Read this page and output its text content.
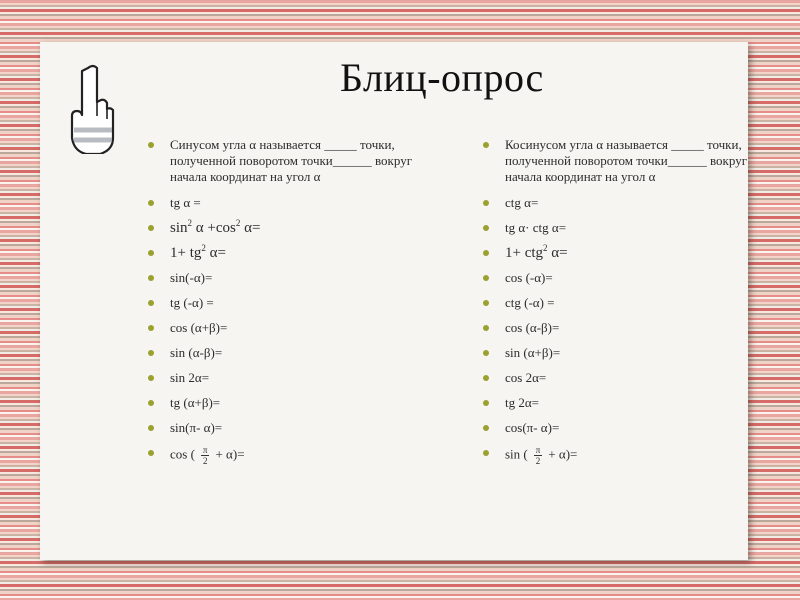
Блиц-опрос
Синусом угла α называется _____ точки, полученной поворотом точки______ вокруг начала координат на угол α
tg α =
$\sin^2 \alpha +\cos^2$ α=
$1+ tg^2$ α=
sin(-α)=
tg (-α) =
cos (α+β)=
sin (α-β)=
sin 2α=
tg (α+β)=
sin(π- α)=
cos ( $\frac{\pi}{2} + \alpha)=$
Косинусом угла α называется _____ точки, полученной поворотом точки______ вокруг начала координат на угол α
ctg α=
tg α· ctg α=
1+ ctg$^2$ α=
cos (-α)=
ctg (-α) =
cos (α-β)=
sin (α+β)=
cos 2α=
tg 2α=
cos(π- α)=
sin ( $\frac{\pi}{2} + \alpha)=$
